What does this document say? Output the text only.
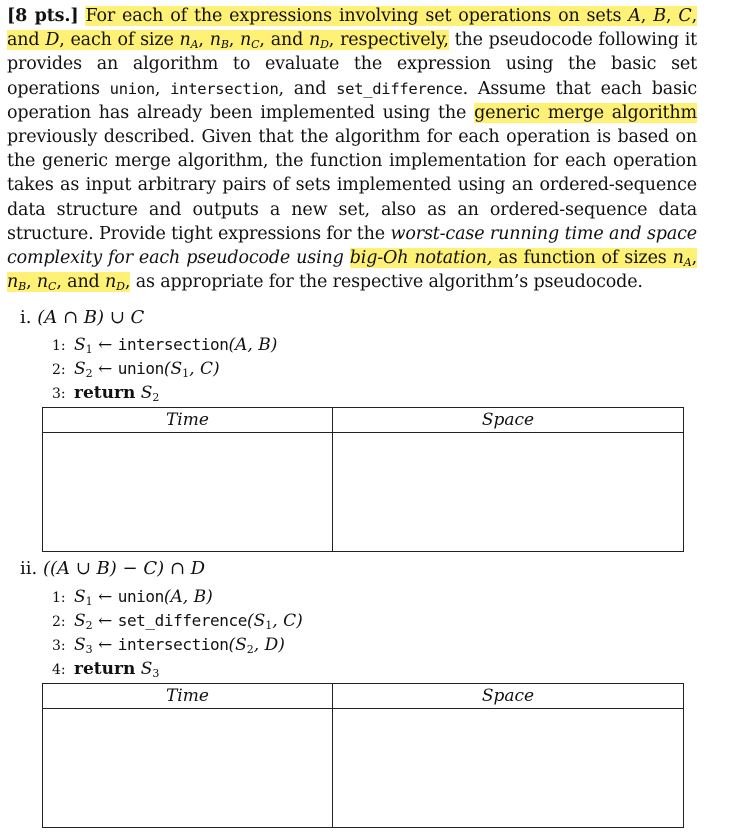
[8 pts.] For each of the expressions involving set operations on sets A, B, C, and D, each of size $n_A$, $n_B$, $n_C$, and $n_D$, respectively, the pseudocode following it provides an algorithm to evaluate the expression using the basic set operations union, intersection, and set_difference. Assume that each basic operation has already been implemented using the generic merge algorithm previously described. Given that the algorithm for each operation is based on the generic merge algorithm, the function implementation for each operation takes as input arbitrary pairs of sets implemented using an ordered-sequence data structure and outputs a new set, also as an ordered-sequence data structure. Provide tight expressions for the worst-case running time and space complexity for each pseudocode using big-Oh notation, as function of sizes $n_A$, $n_B$, $n_C$, and $n_D$, as appropriate for the respective algorithm’s pseudocode.
i. (A ∩ B) ∪ C
1: $S_1$ ← intersection(A, B)
2: $S_2$ ← $union(S_1$, C)
3: return $S_2$
Time	Space

ii. ((A ∪ B) − C) ∩ D
1: $S_1$ ← union(A, B)
2: $S_2$ ← $set\_difference(S_1$, C)
3: $S_3$ ← $intersection(S_2$, D)
4: return $S_3$
Time	Space
